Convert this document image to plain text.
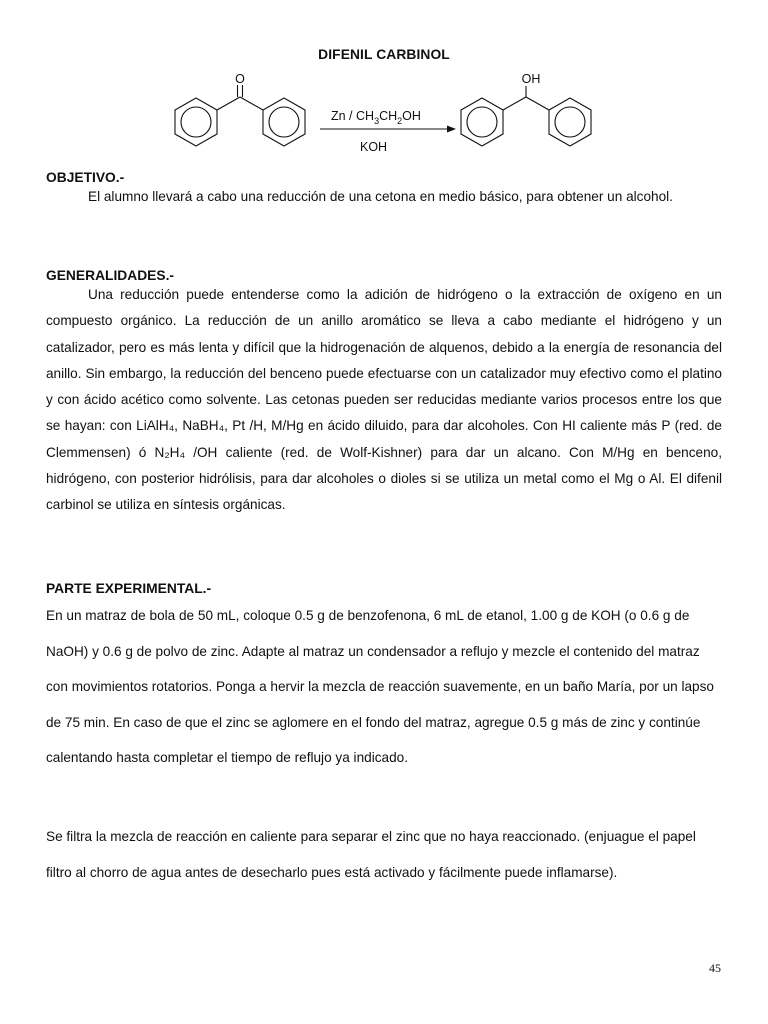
DIFENIL CARBINOL
O	OH
Zn / $CH_3CH_2OH$
KOH
OBJETIVO.-

El alumno llevará a cabo una reducción de una cetona en medio básico, para obtener un alcohol.

GENERALIDADES.-

Una reducción puede entenderse como la adición de hidrógeno o la extracción de oxígeno en un compuesto orgánico. La reducción de un anillo aromático se lleva a cabo mediante el hidrógeno y un catalizador, pero es más lenta y difícil que la hidrogenación de alquenos, debido a la energía de resonancia del anillo. Sin embargo, la reducción del benceno puede efectuarse con un catalizador muy efectivo como el platino y con ácido acético como solvente. Las cetonas pueden ser reducidas mediante varios procesos entre los que se hayan: con LiAlH₄, NaBH₄, Pt /H, M/Hg en ácido diluido, para dar alcoholes. Con HI caliente más P (red. de Clemmensen) ó N₂H₄ /OH caliente (red. de Wolf-Kishner) para dar un alcano. Con M/Hg en benceno, hidrógeno, con posterior hidrólisis, para dar alcoholes o dioles si se utiliza un metal como el Mg o Al. El difenil carbinol se utiliza en síntesis orgánicas.

PARTE EXPERIMENTAL.-

En un matraz de bola de 50 mL, coloque 0.5 g de benzofenona, 6 mL de etanol, 1.00 g de KOH (o 0.6 g de NaOH) y 0.6 g de polvo de zinc. Adapte al matraz un condensador a reflujo y mezcle el contenido del matraz con movimientos rotatorios. Ponga a hervir la mezcla de reacción suavemente, en un baño María, por un lapso de 75 min. En caso de que el zinc se aglomere en el fondo del matraz, agregue 0.5 g más de zinc y continúe calentando hasta completar el tiempo de reflujo ya indicado.

Se filtra la mezcla de reacción en caliente para separar el zinc que no haya reaccionado. (enjuague el papel filtro al chorro de agua antes de desecharlo pues está activado y fácilmente puede inflamarse).

45
